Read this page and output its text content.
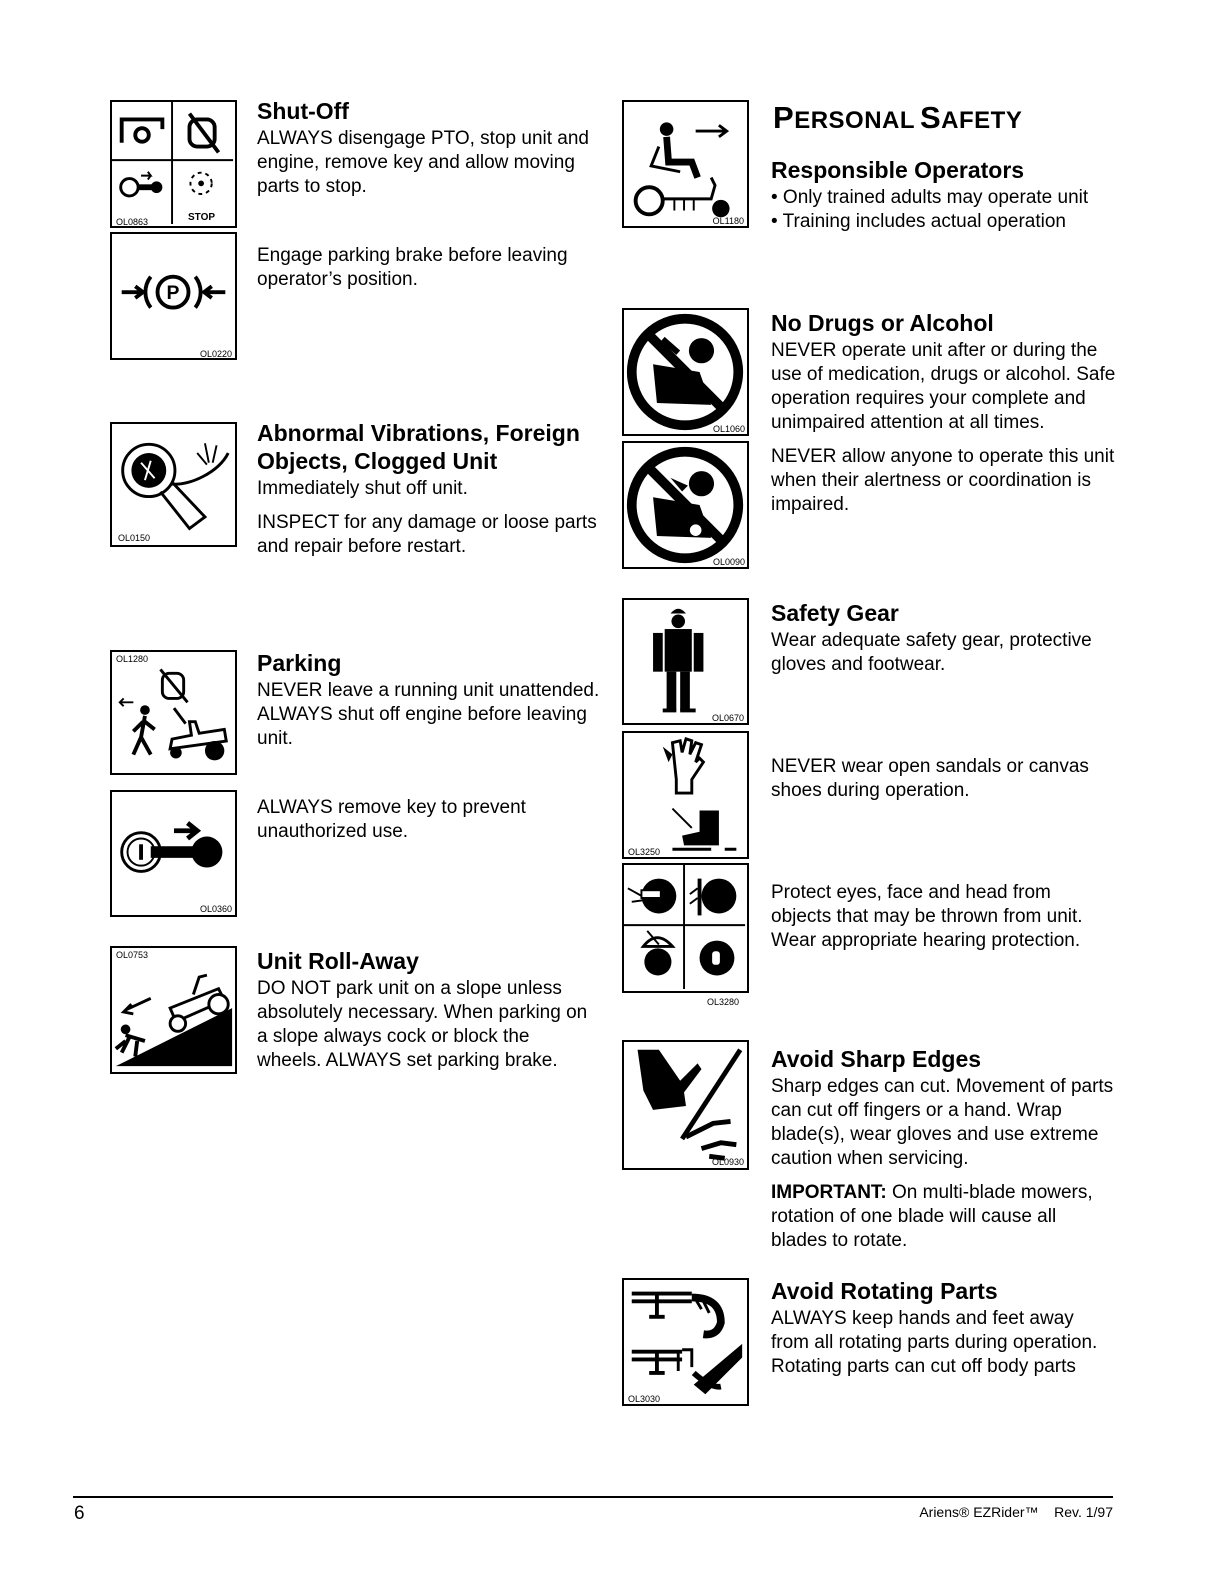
OL0863	STOP
P
OL0220
Shut-Off

ALWAYS disengage PTO, stop unit and engine, remove key and allow moving parts to stop.

Engage parking brake before leaving operator’s position.

OL0150
Abnormal Vibrations, Foreign Objects, Clogged Unit

Immediately shut off unit.

INSPECT for any damage or loose parts and repair before restart.

OL1280
OL0360
Parking

NEVER leave a running unit unattended. ALWAYS shut off engine before leaving unit.

ALWAYS remove key to prevent unauthorized use.

OL0753	Unit Roll-Away

DO NOT park unit on a slope unless absolutely necessary. When parking on a slope always cock or block the wheels. ALWAYS set parking brake.

OL1180
PERSONAL SAFETY
Responsible Operators
• Only trained adults may operate unit
• Training includes actual operation
OL1060
OL0090
No Drugs or Alcohol

NEVER operate unit after or during the use of medication, drugs or alcohol. Safe operation requires your complete and unimpaired attention at all times.

NEVER allow anyone to operate this unit when their alertness or coordination is impaired.

OL0670
OL3250
OL3280
Safety Gear

Wear adequate safety gear, protective gloves and footwear.

NEVER wear open sandals or canvas shoes during operation.

Protect eyes, face and head from objects that may be thrown from unit. Wear appropriate hearing protection.

OL0930
Avoid Sharp Edges

Sharp edges can cut. Movement of parts can cut off fingers or a hand. Wrap blade(s), wear gloves and use extreme caution when servicing.

IMPORTANT: On multi-blade mowers, rotation of one blade will cause all blades to rotate.

OL3030
Avoid Rotating Parts

ALWAYS keep hands and feet away from all rotating parts during operation. Rotating parts can cut off body parts

6	Ariens® EZRider™    Rev. 1/97
